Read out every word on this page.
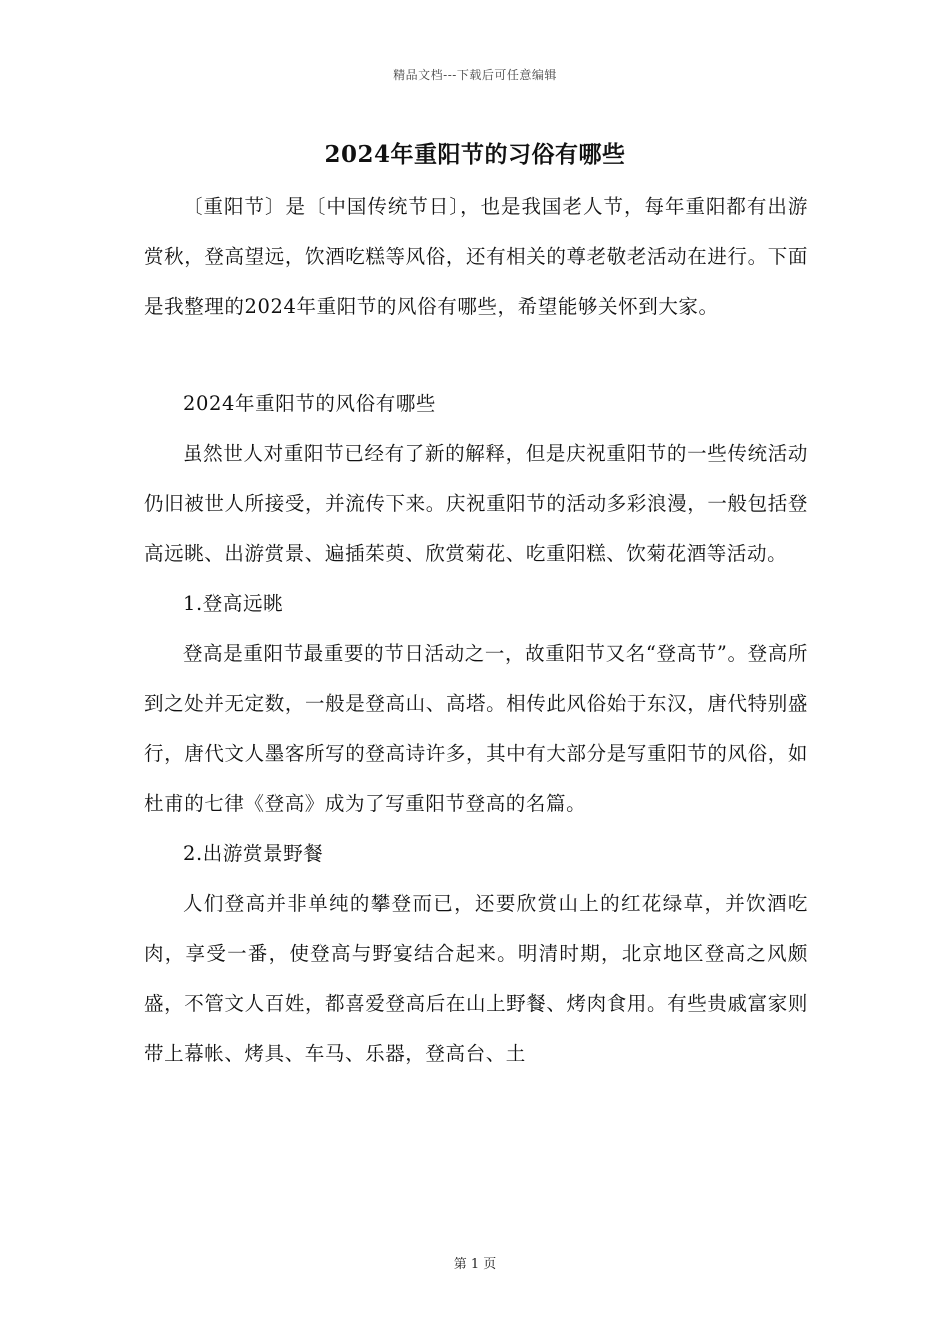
精品文档---下载后可任意编辑
2024年重阳节的习俗有哪些

〔重阳节〕是〔中国传统节日〕，也是我国老人节，每年重阳都有出游赏秋，登高望远，饮酒吃糕等风俗，还有相关的尊老敬老活动在进行。下面是我整理的2024年重阳节的风俗有哪些，希望能够关怀到大家。

2024年重阳节的风俗有哪些

虽然世人对重阳节已经有了新的解释，但是庆祝重阳节的一些传统活动仍旧被世人所接受，并流传下来。庆祝重阳节的活动多彩浪漫，一般包括登高远眺、出游赏景、遍插茱萸、欣赏菊花、吃重阳糕、饮菊花酒等活动。

1.登高远眺

登高是重阳节最重要的节日活动之一，故重阳节又名“登高节”。登高所到之处并无定数，一般是登高山、高塔。相传此风俗始于东汉，唐代特别盛行，唐代文人墨客所写的登高诗许多，其中有大部分是写重阳节的风俗，如杜甫的七律《登高》成为了写重阳节登高的名篇。

2.出游赏景野餐

人们登高并非单纯的攀登而已，还要欣赏山上的红花绿草，并饮酒吃肉，享受一番，使登高与野宴结合起来。明清时期，北京地区登高之风颇盛，不管文人百姓，都喜爱登高后在山上野餐、烤肉食用。有些贵戚富家则带上幕帐、烤具、车马、乐器，登高台、土

第 1 页
